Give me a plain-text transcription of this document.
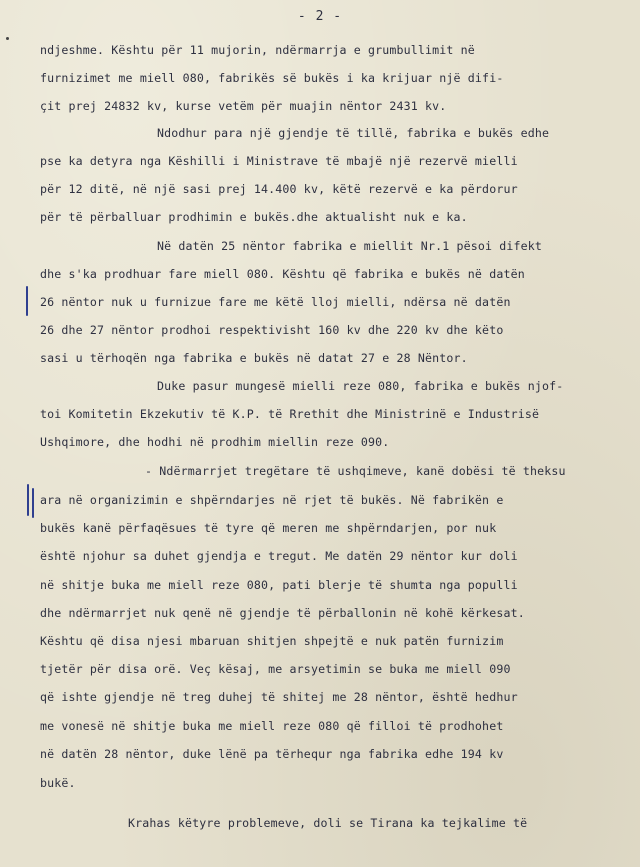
- 2 -
ndjeshme. Kështu për 11 mujorin, ndërmarrja e grumbullimit në
furnizimet me miell 080, fabrikës së bukës i ka krijuar një difi-
çit prej 24832 kv, kurse vetëm për muajin nëntor 2431 kv.
Ndodhur para një gjendje të tillë, fabrika e bukës edhe
pse ka detyra nga Këshilli i Ministrave të mbajë një rezervë mielli
për 12 ditë, në një sasi prej 14.400 kv, këtë rezervë e ka përdorur
për të përballuar prodhimin e bukës.dhe aktualisht nuk e ka.
Në datën 25 nëntor fabrika e miellit Nr.1 pësoi difekt
dhe s'ka prodhuar fare miell 080. Kështu që fabrika e bukës në datën
26 nëntor nuk u furnizue fare me këtë lloj mielli, ndërsa në datën
26 dhe 27 nëntor prodhoi respektivisht 160 kv dhe 220 kv dhe këto
sasi u tërhoqën nga fabrika e bukës në datat 27 e 28 Nëntor.
Duke pasur mungesë mielli reze 080, fabrika e bukës njof-
toi Komitetin Ekzekutiv të K.P. të Rrethit dhe Ministrinë e Industrisë
Ushqimore, dhe hodhi në prodhim miellin reze 090.
- Ndërmarrjet tregëtare të ushqimeve, kanë dobësi të theksu
ara në organizimin e shpërndarjes në rjet të bukës. Në fabrikën e
bukës kanë përfaqësues të tyre që meren me shpërndarjen, por nuk
është njohur sa duhet gjendja e tregut. Me datën 29 nëntor kur doli
në shitje buka me miell reze 080, pati blerje të shumta nga populli
dhe ndërmarrjet nuk qenë në gjendje të përballonin në kohë kërkesat.
Kështu që disa njesi mbaruan shitjen shpejtë e nuk patën furnizim
tjetër për disa orë. Veç kësaj, me arsyetimin se buka me miell 090
që ishte gjendje në treg duhej të shitej me 28 nëntor, është hedhur
me vonesë në shitje buka me miell reze 080 që filloi të prodhohet
në datën 28 nëntor, duke lënë pa tërhequr nga fabrika edhe 194 kv
bukë.
Krahas këtyre problemeve, doli se Tirana ka tejkalime të
